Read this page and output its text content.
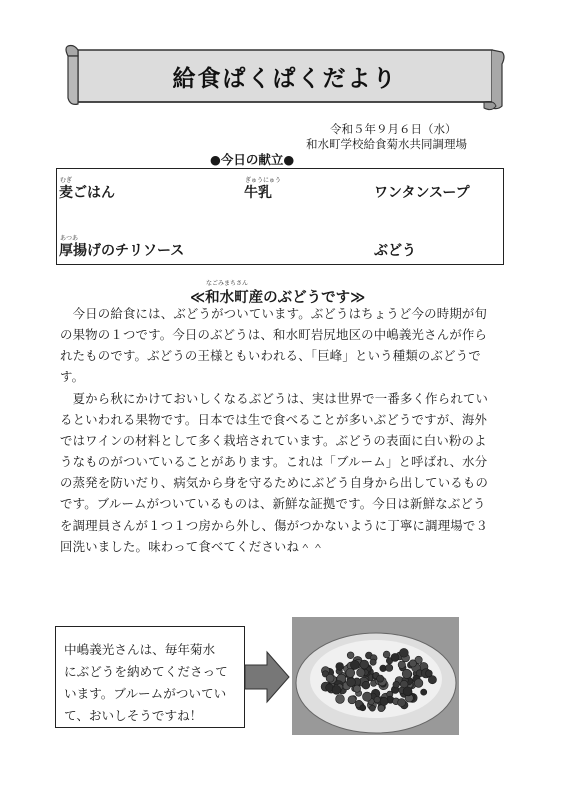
給食ぱくぱくだより
令和５年９月６日（水）
和水町学校給食菊水共同調理場
●今日の献立●
むぎ
麦ごはん
ぎゅうにゅう
牛乳	ワンタンスープ
あつあ
厚揚げのチリソース	ぶどう
なごみまちさん
≪和水町産のぶどうです≫
　今日の給食には、ぶどうがついています。ぶどうはちょうど今の時期が旬
の果物の１つです。今日のぶどうは、和水町岩尻地区の中嶋義光さんが作ら
れたものです。ぶどうの王様ともいわれる、「巨峰」という種類のぶどうで
す。
　夏から秋にかけておいしくなるぶどうは、実は世界で一番多く作られてい
るといわれる果物です。日本では生で食べることが多いぶどうですが、海外
ではワインの材料として多く栽培されています。ぶどうの表面に白い粉のよ
うなものがついていることがあります。これは「ブルーム」と呼ばれ、水分
の蒸発を防いだり、病気から身を守るためにぶどう自身から出しているもの
です。ブルームがついているものは、新鮮な証拠です。今日は新鮮なぶどう
を調理員さんが１つ１つ房から外し、傷がつかないように丁寧に調理場で３
回洗いました。味わって食べてくださいね＾＾
中嶋義光さんは、毎年菊水
にぶどうを納めてくださって
います。ブルームがついてい
て、おいしそうですね！
